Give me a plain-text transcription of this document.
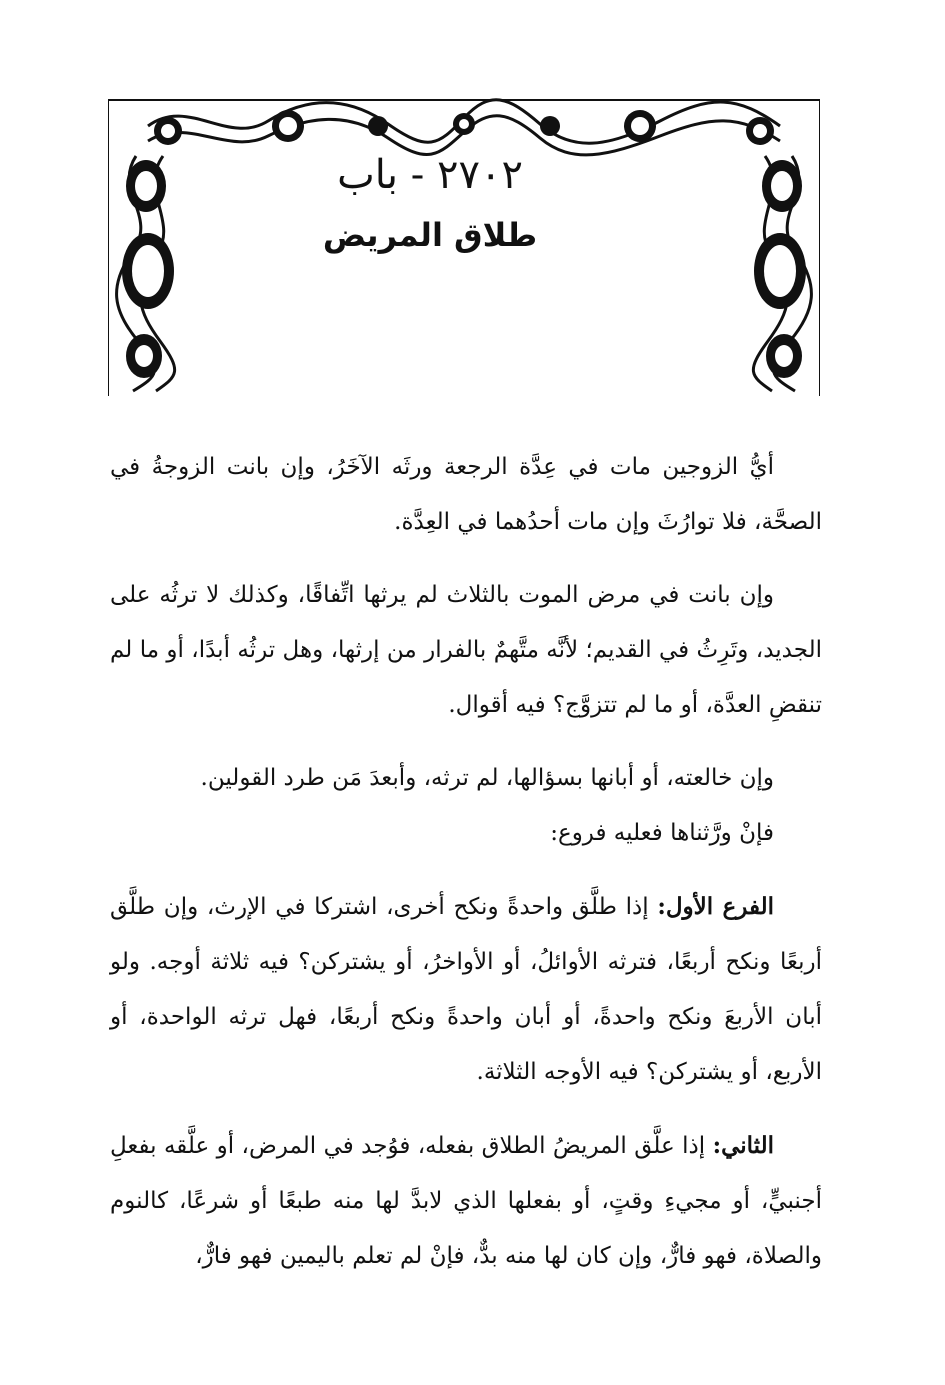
٢٧٠٢ - باب
طلاق المريض

أيُّ الزوجين مات في عِدَّة الرجعة ورثَه الآخَرُ، وإن بانت الزوجةُ في الصحَّة، فلا توارُثَ وإن مات أحدُهما في العِدَّة.

وإن بانت في مرض الموت بالثلاث لم يرثها اتِّفاقًا، وكذلك لا ترثُه على الجديد، وتَرِثُ في القديم؛ لأنَّه متَّهمٌ بالفرار من إرثها، وهل ترثُه أبدًا، أو ما لم تنقضِ العدَّة، أو ما لم تتزوَّج؟ فيه أقوال.

وإن خالعته، أو أبانها بسؤالها، لم ترثه، وأبعدَ مَن طرد القولين.

فإنْ ورَّثناها فعليه فروع:

الفرع الأول: إذا طلَّق واحدةً ونكح أخرى، اشتركا في الإرث، وإن طلَّق أربعًا ونكح أربعًا، فترثه الأوائلُ، أو الأواخرُ، أو يشتركن؟ فيه ثلاثة أوجه. ولو أبان الأربعَ ونكح واحدةً، أو أبان واحدةً ونكح أربعًا، فهل ترثه الواحدة، أو الأربع، أو يشتركن؟ فيه الأوجه الثلاثة.

الثاني: إذا علَّق المريضُ الطلاق بفعله، فوُجد في المرض، أو علَّقه بفعلِ أجنبيٍّ، أو مجيءِ وقتٍ، أو بفعلها الذي لابدَّ لها منه طبعًا أو شرعًا، كالنوم والصلاة، فهو فارٌّ، وإن كان لها منه بدٌّ، فإنْ لم تعلم باليمين فهو فارٌّ،
